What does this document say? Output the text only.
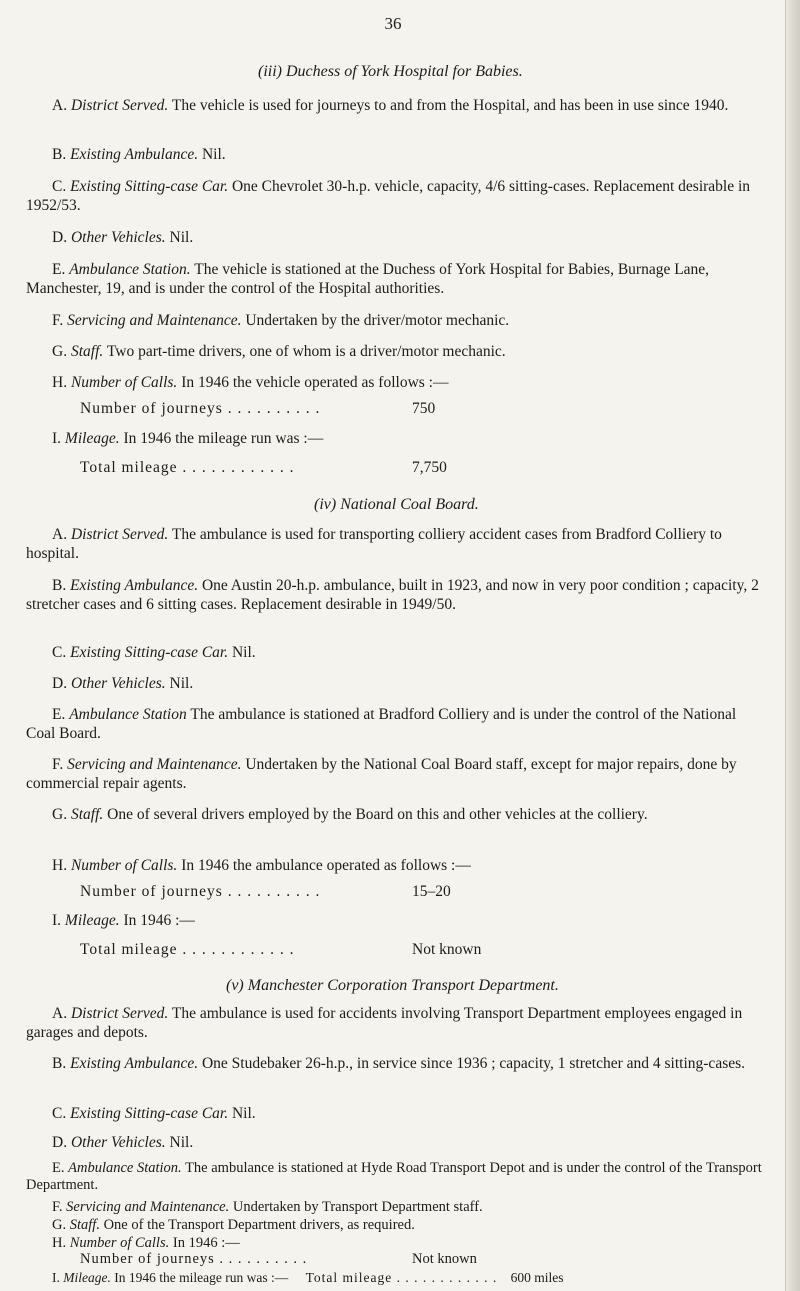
36
(iii) Duchess of York Hospital for Babies.
A. District Served. The vehicle is used for journeys to and from the Hospital, and has been in use since 1940.
B. Existing Ambulance. Nil.
C. Existing Sitting-case Car. One Chevrolet 30-h.p. vehicle, capacity, 4/6 sitting-cases. Replacement desirable in 1952/53.
D. Other Vehicles. Nil.
E. Ambulance Station. The vehicle is stationed at the Duchess of York Hospital for Babies, Burnage Lane, Manchester, 19, and is under the control of the Hospital authorities.
F. Servicing and Maintenance. Undertaken by the driver/motor mechanic.
G. Staff. Two part-time drivers, one of whom is a driver/motor mechanic.
H. Number of Calls. In 1946 the vehicle operated as follows :—
Number of journeys . . . . . . . . . .	750
I. Mileage. In 1946 the mileage run was :—
Total mileage . . . . . . . . . . . .	7,750
(iv) National Coal Board.
A. District Served. The ambulance is used for transporting colliery accident cases from Bradford Colliery to hospital.
B. Existing Ambulance. One Austin 20-h.p. ambulance, built in 1923, and now in very poor condition ; capacity, 2 stretcher cases and 6 sitting cases. Replacement desirable in 1949/50.
C. Existing Sitting-case Car. Nil.
D. Other Vehicles. Nil.
E. Ambulance Station The ambulance is stationed at Bradford Colliery and is under the control of the National Coal Board.
F. Servicing and Maintenance. Undertaken by the National Coal Board staff, except for major repairs, done by commercial repair agents.
G. Staff. One of several drivers employed by the Board on this and other vehicles at the colliery.
H. Number of Calls. In 1946 the ambulance operated as follows :—
Number of journeys . . . . . . . . . .	15–20
I. Mileage. In 1946 :—
Total mileage . . . . . . . . . . . .	Not known
(v) Manchester Corporation Transport Department.
A. District Served. The ambulance is used for accidents involving Transport Department employees engaged in garages and depots.
B. Existing Ambulance. One Studebaker 26-h.p., in service since 1936 ; capacity, 1 stretcher and 4 sitting-cases.
C. Existing Sitting-case Car. Nil.
D. Other Vehicles. Nil.
E. Ambulance Station. The ambulance is stationed at Hyde Road Transport Depot and is under the control of the Transport Department.
F. Servicing and Maintenance. Undertaken by Transport Department staff.
G. Staff. One of the Transport Department drivers, as required.
H. Number of Calls. In 1946 :—
Number of journeys . . . . . . . . . .	Not known
I. Mileage. In 1946 the mileage run was :— Total mileage . . . . . . . . . . . . 600 miles
